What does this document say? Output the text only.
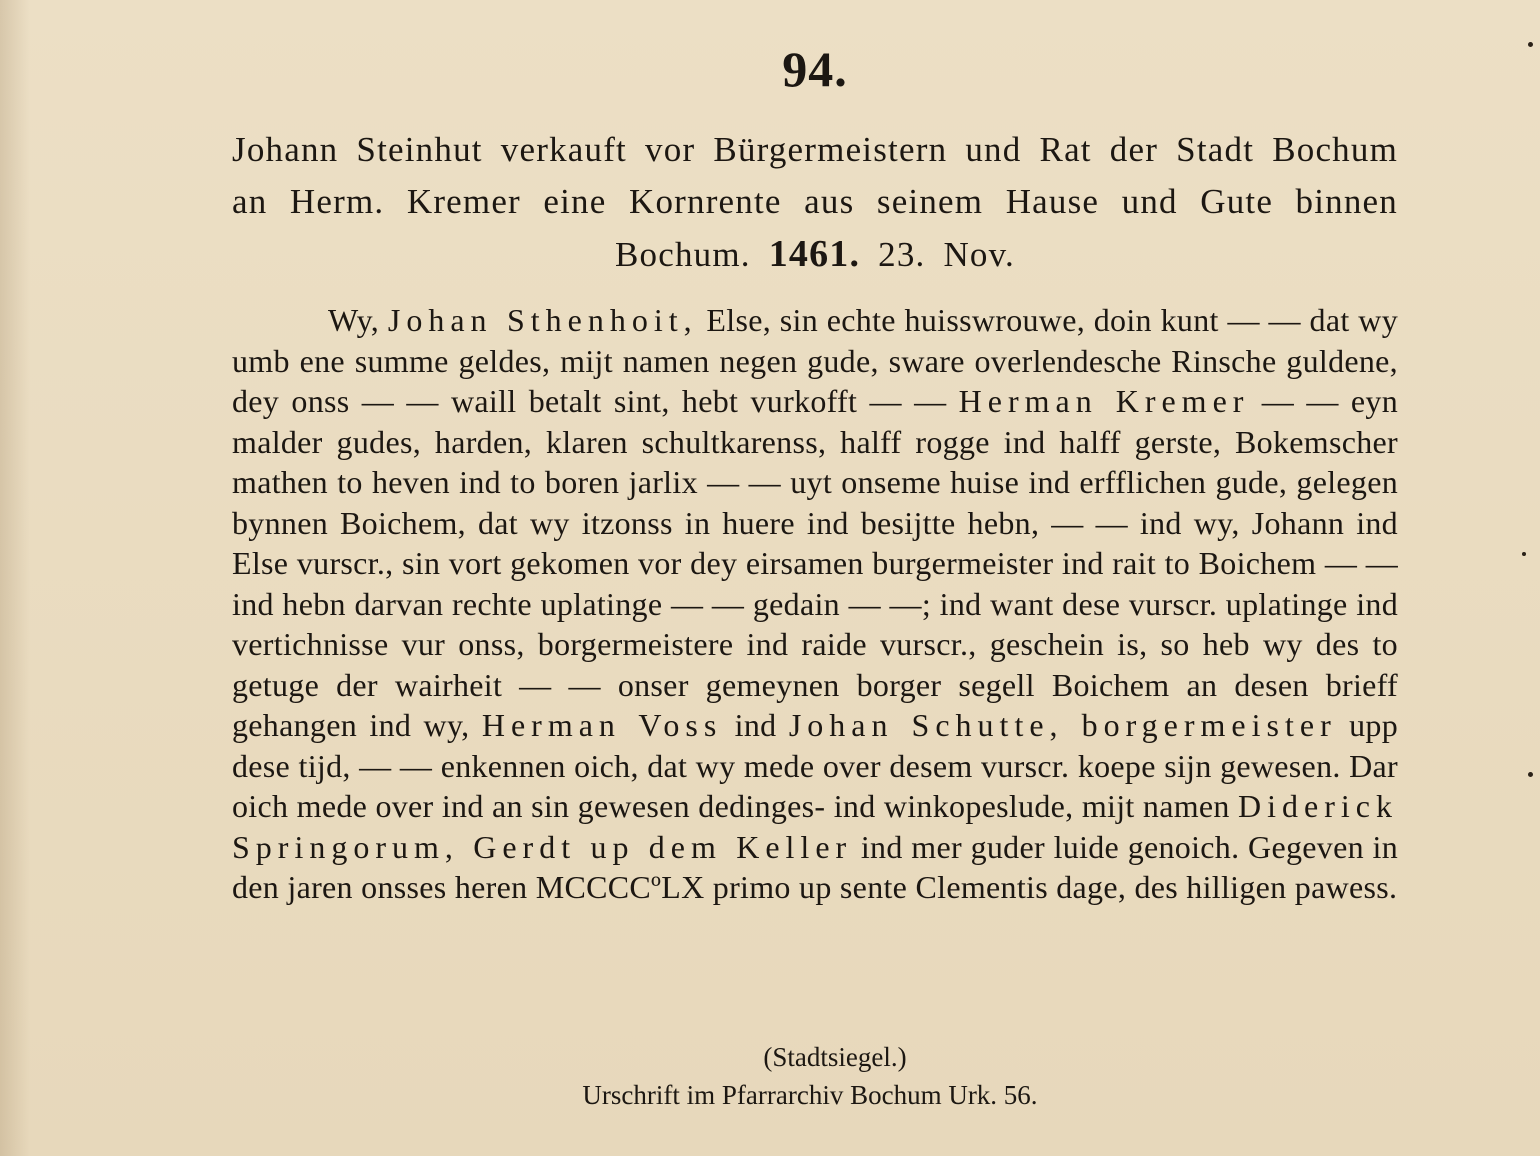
94.
Johann Steinhut verkauft vor Bürgermeistern und Rat der Stadt Bochum an Herm. Kremer eine Kornrente aus seinem Hause und Gute binnen Bochum. 1461. 23. Nov.

Wy, Johan Sthenhoit, Else, sin echte huisswrouwe, doin kunt — — dat wy umb ene summe geldes, mijt namen negen gude, sware overlendesche Rinsche guldene, dey onss — — waill betalt sint, hebt vurkofft — — Herman Kremer — — eyn malder gudes, harden, klaren schultkarenss, halff rogge ind halff gerste, Bokemscher mathen to heven ind to boren jarlix — — uyt onseme huise ind erfflichen gude, gelegen bynnen Boichem, dat wy itzonss in huere ind besijtte hebn, — — ind wy, Johann ind Else vurscr., sin vort gekomen vor dey eirsamen burgermeister ind rait to Boichem — — ind hebn darvan rechte uplatinge — — gedain — —; ind want dese vurscr. uplatinge ind vertichnisse vur onss, borgermeistere ind raide vurscr., geschein is, so heb wy des to getuge der wairheit — — onser gemeynen borger segell Boichem an desen brieff gehangen ind wy, Herman Voss ind Johan Schutte, borgermeister upp dese tijd, — — enkennen oich, dat wy mede over desem vurscr. koepe sijn gewesen. Dar oich mede over ind an sin gewesen dedinges- ind winkopeslude, mijt namen Diderick Springorum, Gerdt up dem Keller ind mer guder luide genoich. Gegeven in den jaren onsses heren MCCCCºLX primo up sente Clementis dage, des hilligen pawess.

(Stadtsiegel.)
Urschrift im Pfarrarchiv Bochum Urk. 56.
